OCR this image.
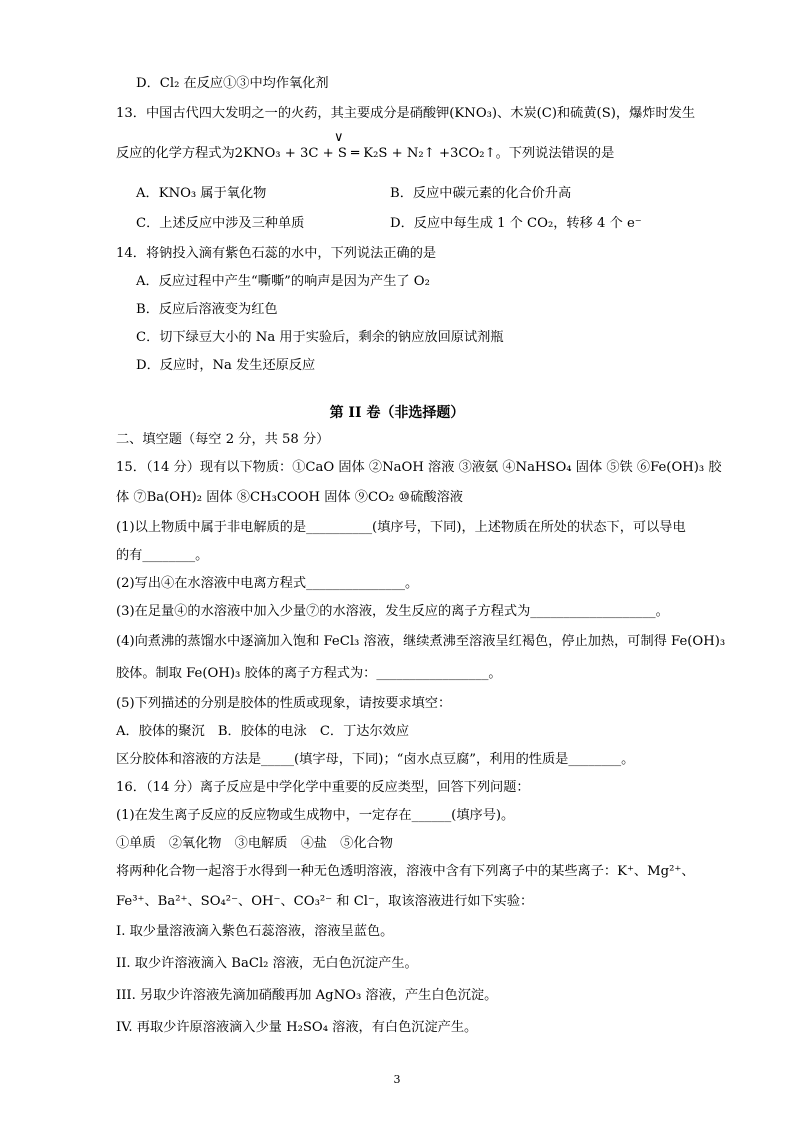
D．Cl₂ 在反应①③中均作氧化剂
13．中国古代四大发明之一的火药，其主要成分是硝酸钾(KNO₃)、木炭(C)和硫黄(S)，爆炸时发生
∨
反应的化学方程式为2KNO₃ + 3C + S ═ K₂S + N₂↑ +3CO₂↑。下列说法错误的是
A．KNO₃ 属于氧化物	B．反应中碳元素的化合价升高
C．上述反应中涉及三种单质	D．反应中每生成 1 个 CO₂，转移 4 个 e⁻
14．将钠投入滴有紫色石蕊的水中，下列说法正确的是
A．反应过程中产生“嘶嘶”的响声是因为产生了 O₂
B．反应后溶液变为红色
C．切下绿豆大小的 Na 用于实验后，剩余的钠应放回原试剂瓶
D．反应时，Na 发生还原反应
第 II 卷（非选择题）
二、填空题（每空 2 分，共 58 分）
15．（14 分）现有以下物质：①CaO 固体 ②NaOH 溶液 ③液氨 ④NaHSO₄ 固体 ⑤铁 ⑥Fe(OH)₃ 胶
体 ⑦Ba(OH)₂ 固体 ⑧CH₃COOH 固体 ⑨CO₂ ⑩硫酸溶液
(1)以上物质中属于非电解质的是__________(填序号，下同)，上述物质在所处的状态下，可以导电
的有________。
(2)写出④在水溶液中电离方程式_______________。
(3)在足量④的水溶液中加入少量⑦的水溶液，发生反应的离子方程式为___________________。
(4)向煮沸的蒸馏水中逐滴加入饱和 FeCl₃ 溶液，继续煮沸至溶液呈红褐色，停止加热，可制得 Fe(OH)₃
胶体。制取 Fe(OH)₃ 胶体的离子方程式为：_________________。
(5)下列描述的分别是胶体的性质或现象，请按要求填空：
A．胶体的聚沉　B．胶体的电泳　C．丁达尔效应
区分胶体和溶液的方法是_____(填字母，下同)；“卤水点豆腐”，利用的性质是________。
16．（14 分）离子反应是中学化学中重要的反应类型，回答下列问题：
(1)在发生离子反应的反应物或生成物中，一定存在______(填序号)。
①单质　②氧化物　③电解质　④盐　⑤化合物
将两种化合物一起溶于水得到一种无色透明溶液，溶液中含有下列离子中的某些离子：K⁺、Mg²⁺、
Fe³⁺、Ba²⁺、SO₄²⁻、OH⁻、CO₃²⁻ 和 Cl⁻，取该溶液进行如下实验：
I. 取少量溶液滴入紫色石蕊溶液，溶液呈蓝色。
II. 取少许溶液滴入 BaCl₂ 溶液，无白色沉淀产生。
III. 另取少许溶液先滴加硝酸再加 AgNO₃ 溶液，产生白色沉淀。
IV. 再取少许原溶液滴入少量 H₂SO₄ 溶液，有白色沉淀产生。
3
